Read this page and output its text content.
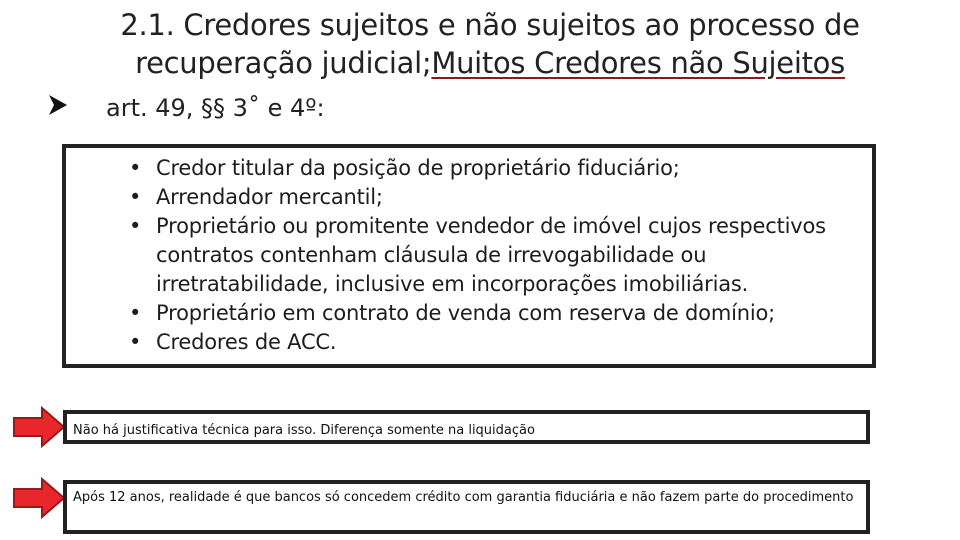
2.1. Credores sujeitos e não sujeitos ao processo de recuperação judicial;Muitos Credores não Sujeitos
art. 49, §§ 3˚ e 4º:
• Credor titular da posição de proprietário fiduciário;
• Arrendador mercantil;
• Proprietário ou promitente vendedor de imóvel cujos respectivos contratos contenham cláusula de irrevogabilidade ou irretratabilidade, inclusive em incorporações imobiliárias.
• Proprietário em contrato de venda com reserva de domínio;
• Credores de ACC.
Não há justificativa técnica para isso. Diferença somente na liquidação
Após 12 anos, realidade é que bancos só concedem crédito com garantia fiduciária e não fazem parte do procedimento
